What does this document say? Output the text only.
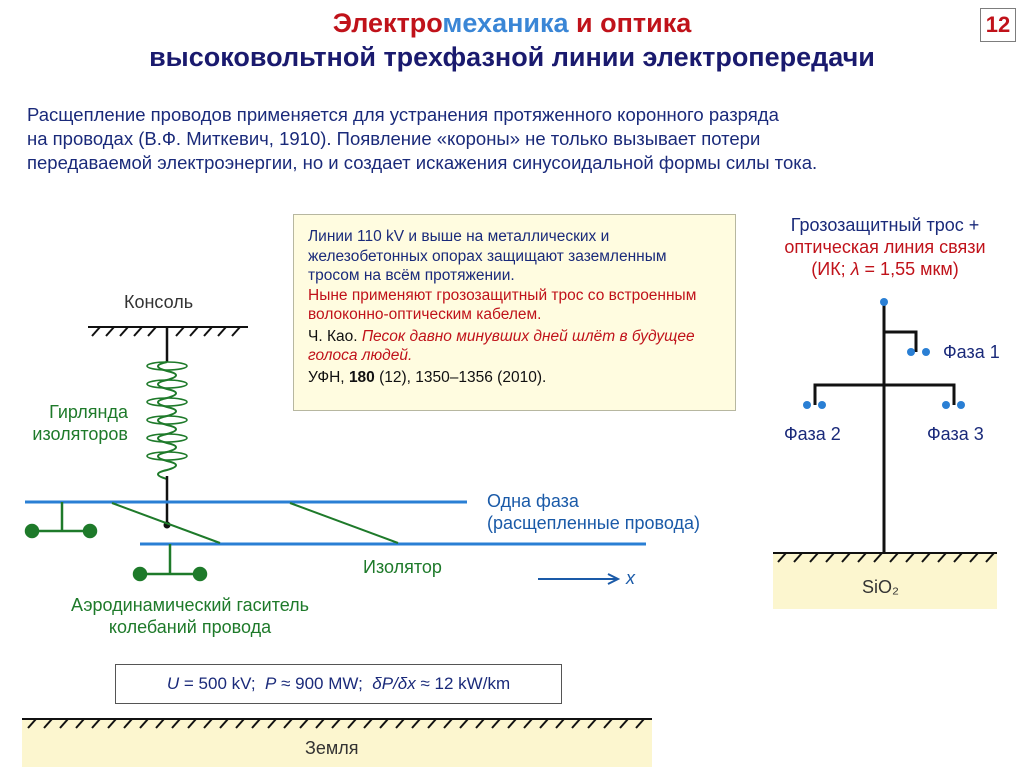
12
Электромеханика и оптика
высоковольтной трехфазной линии электропередачи
Расщепление проводов применяется для устранения протяженного коронного разряда
на проводах (В.Ф. Миткевич, 1910). Появление «короны» не только вызывает потери
передаваемой электроэнергии, но и создает искажения синусоидальной формы силы тока.
Линии 110 kV и выше на металлических и железобетонных опорах защищают заземленным тросом на всём протяжении.
Ныне применяют грозозащитный трос со встроенным волоконно-оптическим кабелем.
Ч. Као. Песок давно минувших дней шлёт в будущее голоса людей.
УФН, 180 (12), 1350–1356 (2010).
Консоль
Гирлянда
изоляторов
Одна фаза
(расщепленные провода)
Изолятор
x
Аэродинамический гаситель
колебаний провода
U = 500 kV; P ≈ 900 MW; δP/δx ≈ 12 kW/km
Земля
Грозозащитный трос +
оптическая линия связи
(ИК; λ = 1,55 мкм)
Фаза 1
Фаза 2	Фаза 3
SiO₂
